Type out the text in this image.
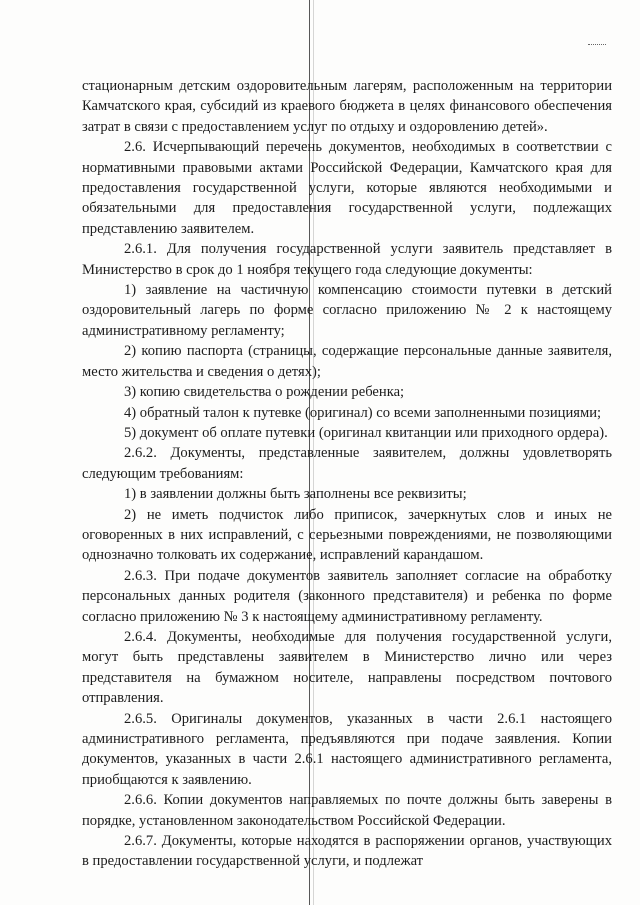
стационарным детским оздоровительным лагерям, расположенным на территории Камчатского края, субсидий из краевого бюджета в целях финансового обеспечения затрат в связи с предоставлением услуг по отдыху и оздоровлению детей».

2.6. Исчерпывающий перечень документов, необходимых в соответствии с нормативными правовыми актами Российской Федерации, Камчатского края для предоставления государственной услуги, которые являются необходимыми и обязательными для предоставления государственной услуги, подлежащих представлению заявителем.

2.6.1. Для получения государственной услуги заявитель представляет в Министерство в срок до 1 ноября текущего года следующие документы:

1) заявление на частичную компенсацию стоимости путевки в детский оздоровительный лагерь по форме согласно приложению № 2 к настоящему административному регламенту;

2) копию паспорта (страницы, содержащие персональные данные заявителя, место жительства и сведения о детях);

3) копию свидетельства о рождении ребенка;

4) обратный талон к путевке (оригинал) со всеми заполненными позициями;

5) документ об оплате путевки (оригинал квитанции или приходного ордера).

2.6.2. Документы, представленные заявителем, должны удовлетворять следующим требованиям:

1) в заявлении должны быть заполнены все реквизиты;

2) не иметь подчисток либо приписок, зачеркнутых слов и иных не оговоренных в них исправлений, с серьезными повреждениями, не позволяющими однозначно толковать их содержание, исправлений карандашом.

2.6.3. При подаче документов заявитель заполняет согласие на обработку персональных данных родителя (законного представителя) и ребенка по форме согласно приложению № 3 к настоящему административному регламенту.

2.6.4. Документы, необходимые для получения государственной услуги, могут быть представлены заявителем в Министерство лично или через представителя на бумажном носителе, направлены посредством почтового отправления.

2.6.5. Оригиналы документов, указанных в части 2.6.1 настоящего административного регламента, предъявляются при подаче заявления. Копии документов, указанных в части 2.6.1 настоящего административного регламента, приобщаются к заявлению.

2.6.6. Копии документов направляемых по почте должны быть заверены в порядке, установленном законодательством Российской Федерации.

2.6.7. Документы, которые находятся в распоряжении органов, участвующих в предоставлении государственной услуги, и подлежат
